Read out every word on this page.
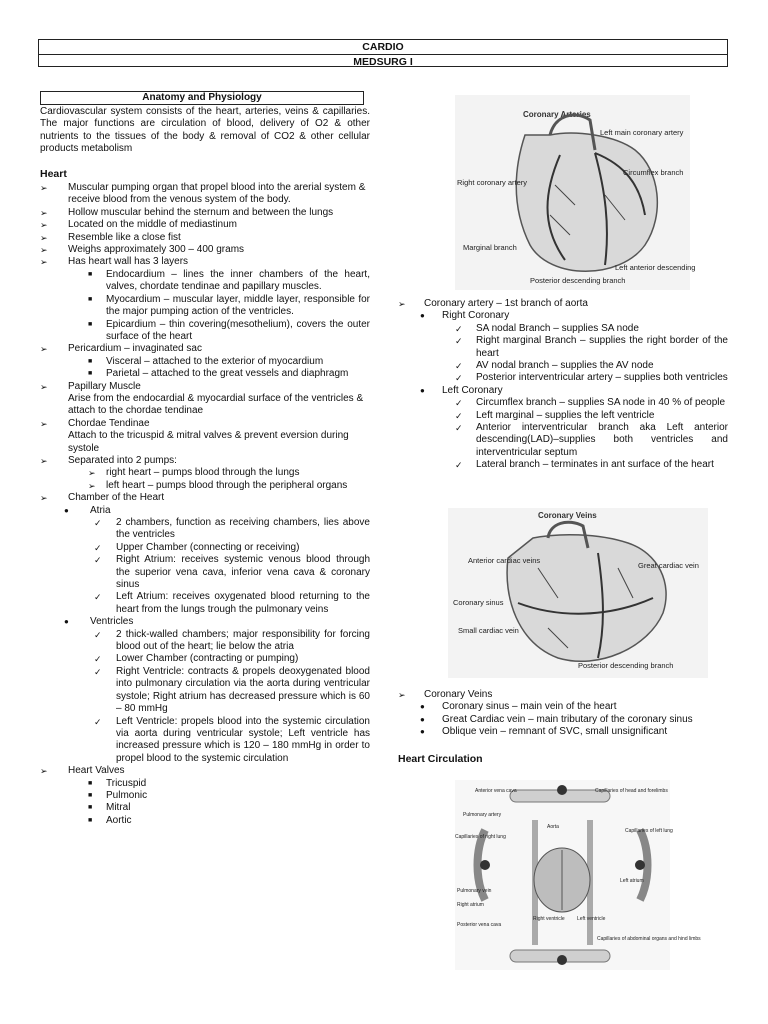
CARDIO
MEDSURG I
Anatomy and Physiology
Cardiovascular system consists of the heart, arteries, veins & capillaries. The major functions are circulation of blood, delivery of O2 & other nutrients to the tissues of the body & removal of CO2 & other cellular products metabolism
Heart
➢ Muscular pumping organ that propel blood into the arerial system & receive blood from the venous system of the body.
➢ Hollow muscular behind the sternum and between the lungs
➢ Located on the middle of mediastinum
➢ Resemble like a close fist
➢ Weighs approximately 300 – 400 grams
➢ Has heart wall has 3 layers
■ Endocardium – lines the inner chambers of the heart, valves, chordate tendinae and papillary muscles.
■ Myocardium – muscular layer, middle layer, responsible for the major pumping action of the ventricles.
■ Epicardium – thin covering(mesothelium), covers the outer surface of the heart
➢ Pericardium – invaginated sac
■ Visceral – attached to the exterior of myocardium
■ Parietal – attached to the great vessels and diaphragm
➢ Papillary Muscle
Arise from the endocardial & myocardial surface of the ventricles & attach to the chordae tendinae
➢ Chordae Tendinae
Attach to the tricuspid & mitral valves & prevent eversion during systole
➢ Separated into 2 pumps:
➢ right heart – pumps blood through the lungs
➢ left heart – pumps blood through the peripheral organs
➢ Chamber of the Heart
● Atria
✓ 2 chambers, function as receiving chambers, lies above the ventricles
✓ Upper Chamber (connecting or receiving)
✓ Right Atrium: receives systemic venous blood through the superior vena cava, inferior vena cava & coronary sinus
✓ Left Atrium: receives oxygenated blood returning to the heart from the lungs trough the pulmonary veins
● Ventricles
✓ 2 thick-walled chambers; major responsibility for forcing blood out of the heart; lie below the atria
✓ Lower Chamber (contracting or pumping)
✓ Right Ventricle: contracts & propels deoxygenated blood into pulmonary circulation via the aorta during ventricular systole; Right atrium has decreased pressure which is 60 – 80 mmHg
✓ Left Ventricle: propels blood into the systemic circulation via aorta during ventricular systole; Left ventricle has increased pressure which is 120 – 180 mmHg in order to propel blood to the systemic circulation
➢ Heart Valves
■ Tricuspid
■ Pulmonic
■ Mitral
■ Aortic
Coronary Arteries
Left main coronary artery
Right coronary artery
Circumflex branch
Marginal branch
Posterior descending branch
Left anterior descending
➢ Coronary artery – 1st branch of aorta
● Right Coronary
✓ SA nodal Branch – supplies SA node
✓ Right marginal Branch – supplies the right border of the heart
✓ AV nodal branch – supplies the AV node
✓ Posterior interventricular artery – supplies both ventricles
● Left Coronary
✓ Circumflex branch – supplies SA node in 40 % of people
✓ Left marginal – supplies the left ventricle
✓ Anterior interventricular branch aka Left anterior descending(LAD)–supplies both ventricles and interventricular septum
✓ Lateral branch – terminates in ant surface of the heart
Coronary Veins
Anterior cardiac veins
Great cardiac vein
Coronary sinus
Small cardiac vein
Posterior descending branch
➢ Coronary Veins
● Coronary sinus – main vein of the heart
● Great Cardiac vein – main tributary of the coronary sinus
● Oblique vein – remnant of SVC, small unsignificant
Heart Circulation
Anterior vena cava
Pulmonary artery
Capillaries of right lung
Pulmonary vein
Right atrium
Right ventricle
Posterior vena cava
Capillaries of head and forelimbs
Aorta
Capillaries of left lung
Left atrium
Left ventricle
Capillaries of abdominal organs and hind limbs
